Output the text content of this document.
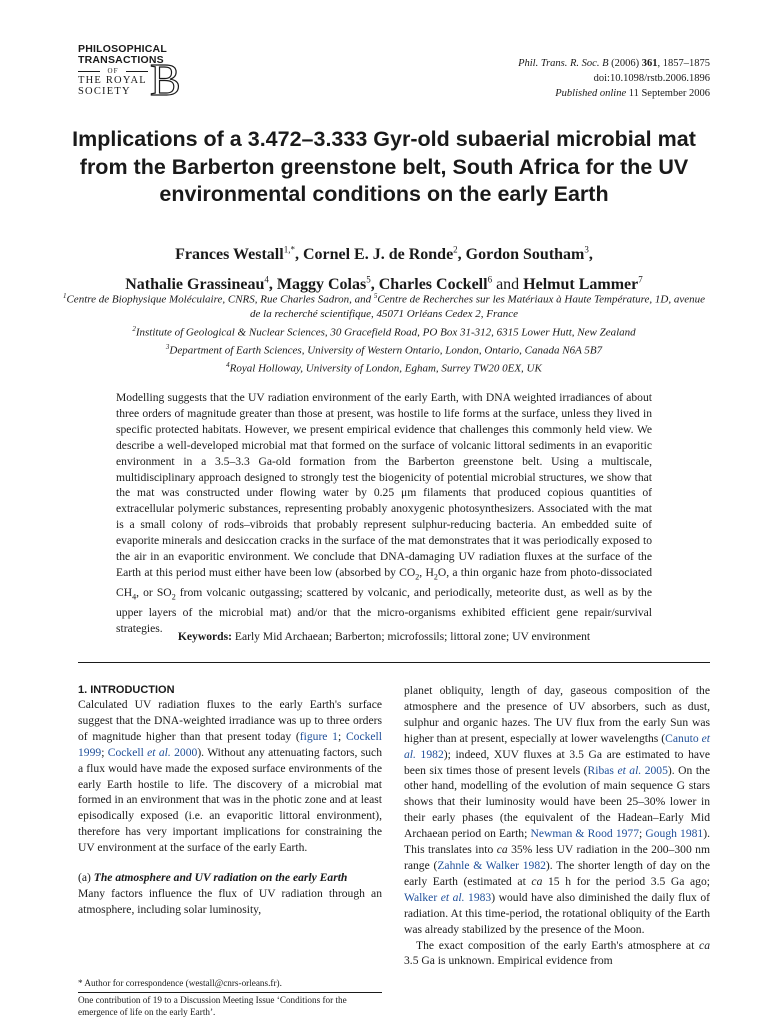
PHILOSOPHICAL
TRANSACTIONS
OF
THE ROYAL
SOCIETY B	Phil. Trans. R. Soc. B (2006) 361, 1857–1875
doi:10.1098/rstb.2006.1896
Published online 11 September 2006
Implications of a 3.472–3.333 Gyr-old subaerial microbial mat from the Barberton greenstone belt, South Africa for the UV environmental conditions on the early Earth
Frances Westall$^{1,*}$, Cornel E. J. de Ronde$^2$, Gordon Southam$^3$,
Nathalie Grassineau$^4$, Maggy Colas$^5$, Charles Cockell$^6$ and Helmut Lammer$^7$
$^1$Centre de Biophysique Moléculaire, CNRS, Rue Charles Sadron, and $^5$Centre de Recherches sur les Matériaux à Haute Température, 1D, avenue de la recherché scientifique, 45071 Orléans Cedex 2, France
$^2$Institute of Geological & Nuclear Sciences, 30 Gracefield Road, PO Box 31-312, 6315 Lower Hutt, New Zealand
$^3$Department of Earth Sciences, University of Western Ontario, London, Ontario, Canada N6A 5B7
$^4$Royal Holloway, University of London, Egham, Surrey TW20 0EX, UK
Modelling suggests that the UV radiation environment of the early Earth, with DNA weighted irradiances of about three orders of magnitude greater than those at present, was hostile to life forms at the surface, unless they lived in specific protected habitats. However, we present empirical evidence that challenges this commonly held view. We describe a well-developed microbial mat that formed on the surface of volcanic littoral sediments in an evaporitic environment in a 3.5–3.3 Ga-old formation from the Barberton greenstone belt. Using a multiscale, multidisciplinary approach designed to strongly test the biogenicity of potential microbial structures, we show that the mat was constructed under flowing water by 0.25 μm filaments that produced copious quantities of extracellular polymeric substances, representing probably anoxygenic photosynthesizers. Associated with the mat is a small colony of rods–vibroids that probably represent sulphur-reducing bacteria. An embedded suite of evaporite minerals and desiccation cracks in the surface of the mat demonstrates that it was periodically exposed to the air in an evaporitic environment. We conclude that DNA-damaging UV radiation fluxes at the surface of the Earth at this period must either have been low (absorbed by $CO_2$, $H_2O$, a thin organic haze from photo-dissociated $CH_4$, or $SO_2$ from volcanic outgassing; scattered by volcanic, and periodically, meteorite dust, as well as by the upper layers of the microbial mat) and/or that the micro-organisms exhibited efficient gene repair/survival strategies.
Keywords: Early Mid Archaean; Barberton; microfossils; littoral zone; UV environment
1. INTRODUCTION
Calculated UV radiation fluxes to the early Earth's surface suggest that the DNA-weighted irradiance was up to three orders of magnitude higher than that present today (figure 1; Cockell 1999; Cockell et al. 2000). Without any attenuating factors, such a flux would have made the exposed surface environments of the early Earth hostile to life. The discovery of a microbial mat formed in an environment that was in the photic zone and at least episodically exposed (i.e. an evaporitic littoral environment), therefore has very important implications for constraining the UV environment at the surface of the early Earth.
(a) The atmosphere and UV radiation on the early Earth
Many factors influence the flux of UV radiation through an atmosphere, including solar luminosity,
planet obliquity, length of day, gaseous composition of the atmosphere and the presence of UV absorbers, such as dust, sulphur and organic hazes. The UV flux from the early Sun was higher than at present, especially at lower wavelengths (Canuto et al. 1982); indeed, XUV fluxes at 3.5 Ga are estimated to have been six times those of present levels (Ribas et al. 2005). On the other hand, modelling of the evolution of main sequence G stars shows that their luminosity would have been 25–30% lower in their early phases (the equivalent of the Hadean–Early Mid Archaean period on Earth; Newman & Rood 1977; Gough 1981). This translates into ca 35% less UV radiation in the 200–300 nm range (Zahnle & Walker 1982). The shorter length of day on the early Earth (estimated at ca 15 h for the period 3.5 Ga ago; Walker et al. 1983) would have also diminished the daily flux of radiation. At this time-period, the rotational obliquity of the Earth was already stabilized by the presence of the Moon.
The exact composition of the early Earth's atmosphere at ca 3.5 Ga is unknown. Empirical evidence from
* Author for correspondence (westall@cnrs-orleans.fr).
One contribution of 19 to a Discussion Meeting Issue ‘Conditions for the emergence of life on the early Earth’.
